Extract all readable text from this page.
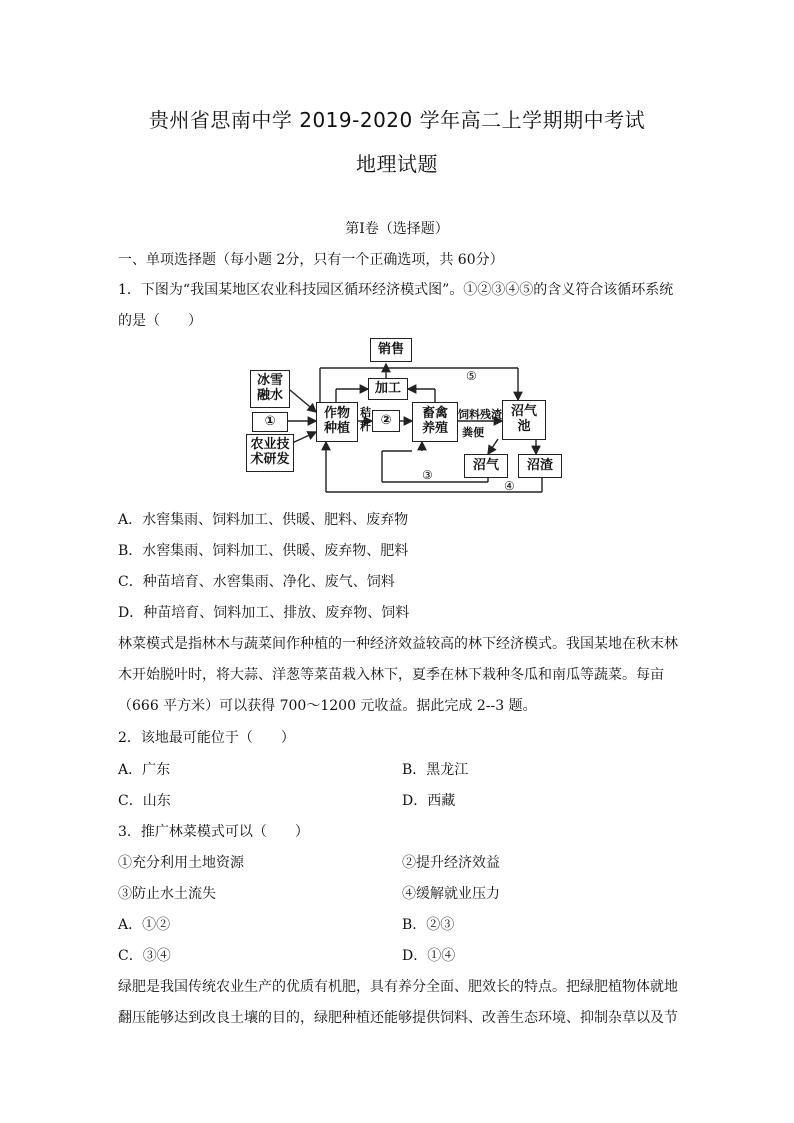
贵州省思南中学 2019-2020 学年高二上学期期中考试
地理试题
第Ⅰ卷（选择题）
一、单项选择题（每小题 2分，只有一个正确选项，共 60分）
1．下图为“我国某地区农业科技园区循环经济模式图”。①②③④⑤的含义符合该循环系统
的是（　　）
销售
加工
冰雪
融水
①
农业技
术研发
作物
种植
秸
秆 ②	畜禽
养殖
饲料残渣
粪便
沼气
池
沼气	沼渣
③
④
⑤
A．水窖集雨、饲料加工、供暖、肥料、废弃物
B．水窖集雨、饲料加工、供暖、废弃物、肥料
C．种苗培育、水窖集雨、净化、废气、饲料
D．种苗培育、饲料加工、排放、废弃物、饲料
林菜模式是指林木与蔬菜间作种植的一种经济效益较高的林下经济模式。我国某地在秋末林
木开始脱叶时，将大蒜、洋葱等菜苗栽入林下，夏季在林下栽种冬瓜和南瓜等蔬菜。每亩
（666 平方米）可以获得 700～1200 元收益。据此完成 2--3 题。
2．该地最可能位于（　　）
A．广东	B．黑龙江
C．山东	D．西藏
3．推广林菜模式可以（　　）
①充分利用土地资源	②提升经济效益
③防止水土流失	④缓解就业压力
A．①②	B．②③
C．③④	D．①④
绿肥是我国传统农业生产的优质有机肥，具有养分全面、肥效长的特点。把绿肥植物体就地
翻压能够达到改良土壤的目的，绿肥种植还能够提供饲料、改善生态环境、抑制杂草以及节
